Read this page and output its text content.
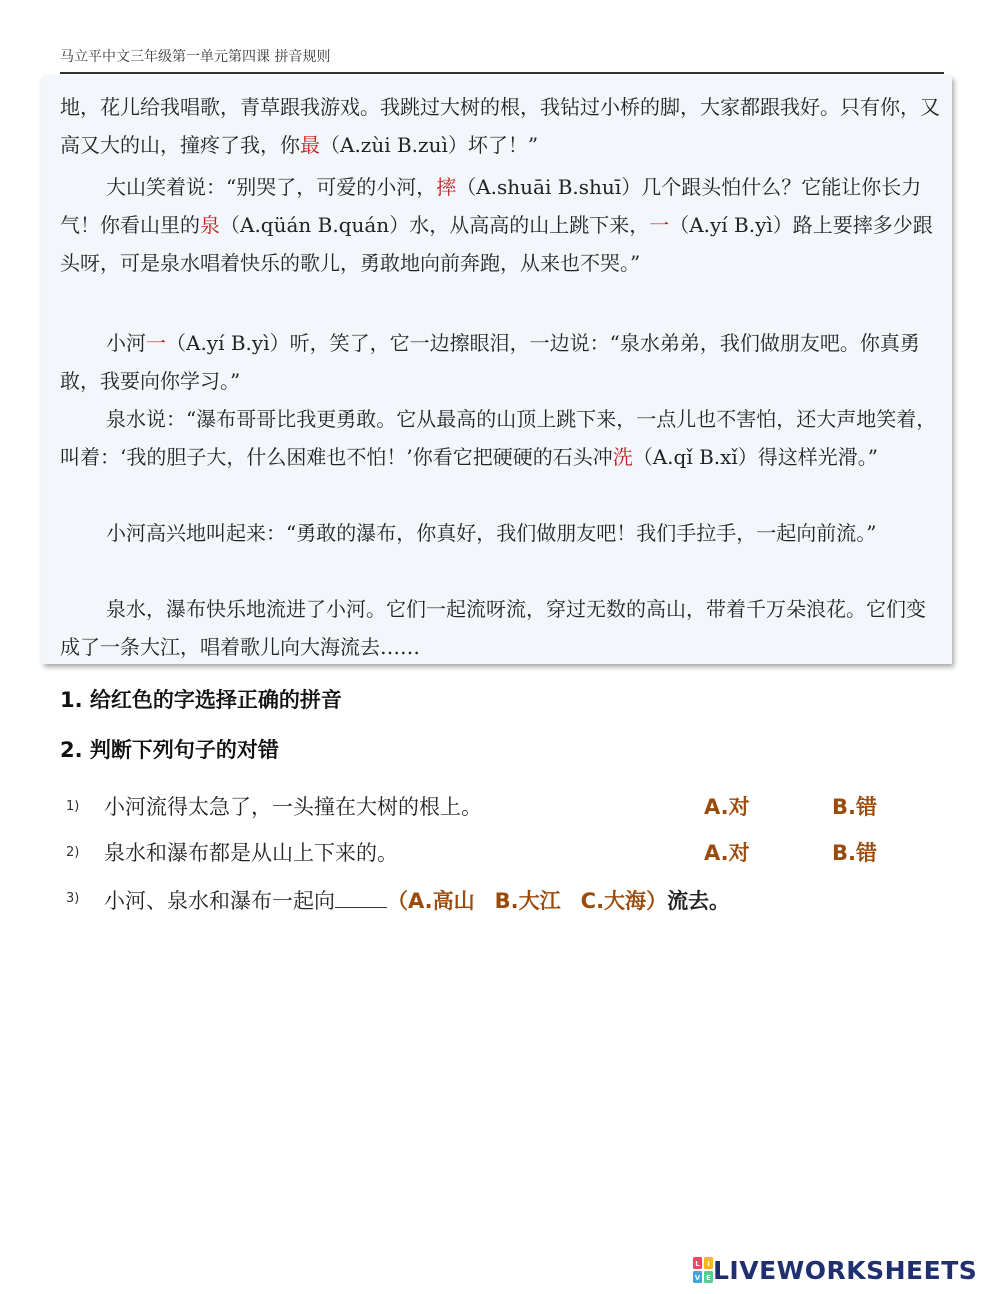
马立平中文三年级第一单元第四课 拼音规则

地，花儿给我唱歌，青草跟我游戏。我跳过大树的根，我钻过小桥的脚，大家都跟我好。只有你，又高又大的山，撞疼了我，你最（A.zùi B.zuì）坏了！”

大山笑着说：“别哭了，可爱的小河，摔（A.shuāi B.shuī）几个跟头怕什么？它能让你长力气！你看山里的泉（A.qüán B.quán）水，从高高的山上跳下来，一（A.yí B.yì）路上要摔多少跟头呀，可是泉水唱着快乐的歌儿，勇敢地向前奔跑，从来也不哭。”

小河一（A.yí B.yì）听，笑了，它一边擦眼泪，一边说：“泉水弟弟，我们做朋友吧。你真勇敢，我要向你学习。”

泉水说：“瀑布哥哥比我更勇敢。它从最高的山顶上跳下来，一点儿也不害怕，还大声地笑着，叫着：‘我的胆子大，什么困难也不怕！’你看它把硬硬的石头冲洗（A.qǐ B.xǐ）得这样光滑。”

小河高兴地叫起来：“勇敢的瀑布，你真好，我们做朋友吧！我们手拉手，一起向前流。”

泉水，瀑布快乐地流进了小河。它们一起流呀流，穿过无数的高山，带着千万朵浪花。它们变成了一条大江，唱着歌儿向大海流去……

1. 给红色的字选择正确的拼音
2. 判断下列句子的对错
1) 小河流得太急了，一头撞在大树的根上。	A.对	B.错
2) 泉水和瀑布都是从山上下来的。	A.对	B.错
3) 小河、泉水和瀑布一起向 （A.高山 B.大江 C.大海）流去。
L I
V E LIVEWORKSHEETS
